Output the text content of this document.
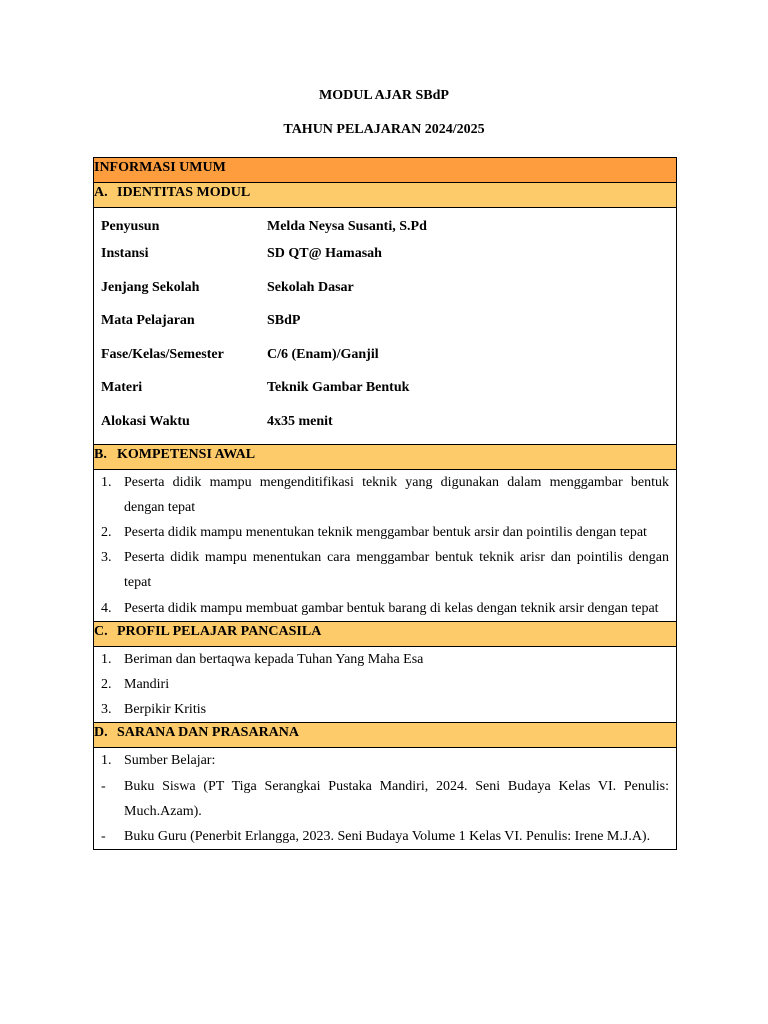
MODUL AJAR SBdP
TAHUN PELAJARAN 2024/2025
INFORMASI UMUM
A. IDENTITAS MODUL

Penyusun	Melda Neysa Susanti, S.Pd
Instansi	SD QT@ Hamasah
Jenjang Sekolah	Sekolah Dasar
Mata Pelajaran	SBdP
Fase/Kelas/Semester	C/6 (Enam)/Ganjil
Materi	Teknik Gambar Bentuk
Alokasi Waktu	4x35 menit

B. KOMPETENSI AWAL

1. Peserta didik mampu mengenditifikasi teknik yang digunakan dalam menggambar bentuk dengan tepat
2. Peserta didik mampu menentukan teknik menggambar bentuk arsir dan pointilis dengan tepat
3. Peserta didik mampu menentukan cara menggambar bentuk teknik arisr dan pointilis dengan tepat
4. Peserta didik mampu membuat gambar bentuk barang di kelas dengan teknik arsir dengan tepat

C. PROFIL PELAJAR PANCASILA

1. Beriman dan bertaqwa kepada Tuhan Yang Maha Esa
2. Mandiri
3. Berpikir Kritis

D. SARANA DAN PRASARANA

1. Sumber Belajar:
-	Buku Siswa (PT Tiga Serangkai Pustaka Mandiri, 2024. Seni Budaya Kelas VI. Penulis: Much.Azam).
-	Buku Guru (Penerbit Erlangga, 2023. Seni Budaya Volume 1 Kelas VI. Penulis: Irene M.J.A).
